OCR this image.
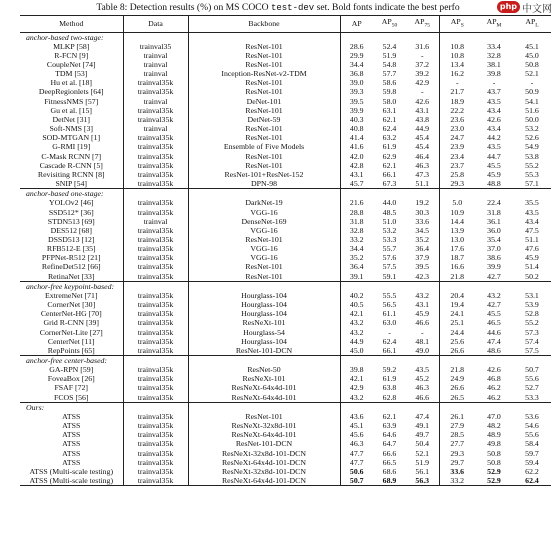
Table 8: Detection results (%) on MS COCO test-dev set. Bold fonts indicate the best perfo	php 中文网
Method	Data	Backbone	AP	$AP_{50}$	$AP_{75}$	$AP_S$	$AP_M$	$AP_L$
anchor-based two-stage:								
MLKP [58]	trainval35	ResNet-101	28.6	52.4	31.6	10.8	33.4	45.1
R-FCN [9]	trainval	ResNet-101	29.9	51.9	-	10.8	32.8	45.0
CoupleNet [74]	trainval	ResNet-101	34.4	54.8	37.2	13.4	38.1	50.8
TDM [53]	trainval	Inception-ResNet-v2-TDM	36.8	57.7	39.2	16.2	39.8	52.1
Hu et al. [18]	trainval35k	ResNet-101	39.0	58.6	42.9	-	-	-
DeepRegionlets [64]	trainval35k	ResNet-101	39.3	59.8	-	21.7	43.7	50.9
FitnessNMS [57]	trainval	DeNet-101	39.5	58.0	42.6	18.9	43.5	54.1
Gu et al. [15]	trainval35k	ResNet-101	39.9	63.1	43.1	22.2	43.4	51.6
DetNet [31]	trainval35k	DetNet-59	40.3	62.1	43.8	23.6	42.6	50.0
Soft-NMS [3]	trainval	ResNet-101	40.8	62.4	44.9	23.0	43.4	53.2
SOD-MTGAN [1]	trainval35k	ResNet-101	41.4	63.2	45.4	24.7	44.2	52.6
G-RMI [19]	trainval35k	Ensemble of Five Models	41.6	61.9	45.4	23.9	43.5	54.9
C-Mask RCNN [7]	trainval35k	ResNet-101	42.0	62.9	46.4	23.4	44.7	53.8
Cascade R-CNN [5]	trainval35k	ResNet-101	42.8	62.1	46.3	23.7	45.5	55.2
Revisiting RCNN [8]	trainval35k	ResNet-101+ResNet-152	43.1	66.1	47.3	25.8	45.9	55.3
SNIP [54]	trainval35k	DPN-98	45.7	67.3	51.1	29.3	48.8	57.1
anchor-based one-stage:								
YOLOv2 [46]	trainval35k	DarkNet-19	21.6	44.0	19.2	5.0	22.4	35.5
SSD512* [36]	trainval35k	VGG-16	28.8	48.5	30.3	10.9	31.8	43.5
STDN513 [69]	trainval	DenseNet-169	31.8	51.0	33.6	14.4	36.1	43.4
DES512 [68]	trainval35k	VGG-16	32.8	53.2	34.5	13.9	36.0	47.5
DSSD513 [12]	trainval35k	ResNet-101	33.2	53.3	35.2	13.0	35.4	51.1
RFB512-E [35]	trainval35k	VGG-16	34.4	55.7	36.4	17.6	37.0	47.6
PFPNet-R512 [21]	trainval35k	VGG-16	35.2	57.6	37.9	18.7	38.6	45.9
RefineDet512 [66]	trainval35k	ResNet-101	36.4	57.5	39.5	16.6	39.9	51.4
RetinaNet [33]	trainval35k	ResNet-101	39.1	59.1	42.3	21.8	42.7	50.2
anchor-free keypoint-based:								
ExtremeNet [71]	trainval35k	Hourglass-104	40.2	55.5	43.2	20.4	43.2	53.1
CornerNet [30]	trainval35k	Hourglass-104	40.5	56.5	43.1	19.4	42.7	53.9
CenterNet-HG [70]	trainval35k	Hourglass-104	42.1	61.1	45.9	24.1	45.5	52.8
Grid R-CNN [39]	trainval35k	ResNeXt-101	43.2	63.0	46.6	25.1	46.5	55.2
CornerNet-Lite [27]	trainval35k	Hourglass-54	43.2	-	-	24.4	44.6	57.3
CenterNet [11]	trainval35k	Hourglass-104	44.9	62.4	48.1	25.6	47.4	57.4
RepPoints [65]	trainval35k	ResNet-101-DCN	45.0	66.1	49.0	26.6	48.6	57.5
anchor-free center-based:								
GA-RPN [59]	trainval35k	ResNet-50	39.8	59.2	43.5	21.8	42.6	50.7
FoveaBox [26]	trainval35k	ResNeXt-101	42.1	61.9	45.2	24.9	46.8	55.6
FSAF [72]	trainval35k	ResNeXt-64x4d-101	42.9	63.8	46.3	26.6	46.2	52.7
FCOS [56]	trainval35k	ResNeXt-64x4d-101	43.2	62.8	46.6	26.5	46.2	53.3
Ours:								
ATSS	trainval35k	ResNet-101	43.6	62.1	47.4	26.1	47.0	53.6
ATSS	trainval35k	ResNeXt-32x8d-101	45.1	63.9	49.1	27.9	48.2	54.6
ATSS	trainval35k	ResNeXt-64x4d-101	45.6	64.6	49.7	28.5	48.9	55.6
ATSS	trainval35k	ResNet-101-DCN	46.3	64.7	50.4	27.7	49.8	58.4
ATSS	trainval35k	ResNeXt-32x8d-101-DCN	47.7	66.6	52.1	29.3	50.8	59.7
ATSS	trainval35k	ResNeXt-64x4d-101-DCN	47.7	66.5	51.9	29.7	50.8	59.4
ATSS (Multi-scale testing)	trainval35k	ResNeXt-32x8d-101-DCN	50.6	68.6	56.1	33.6	52.9	62.2
ATSS (Multi-scale testing)	trainval35k	ResNeXt-64x4d-101-DCN	50.7	68.9	56.3	33.2	52.9	62.4
